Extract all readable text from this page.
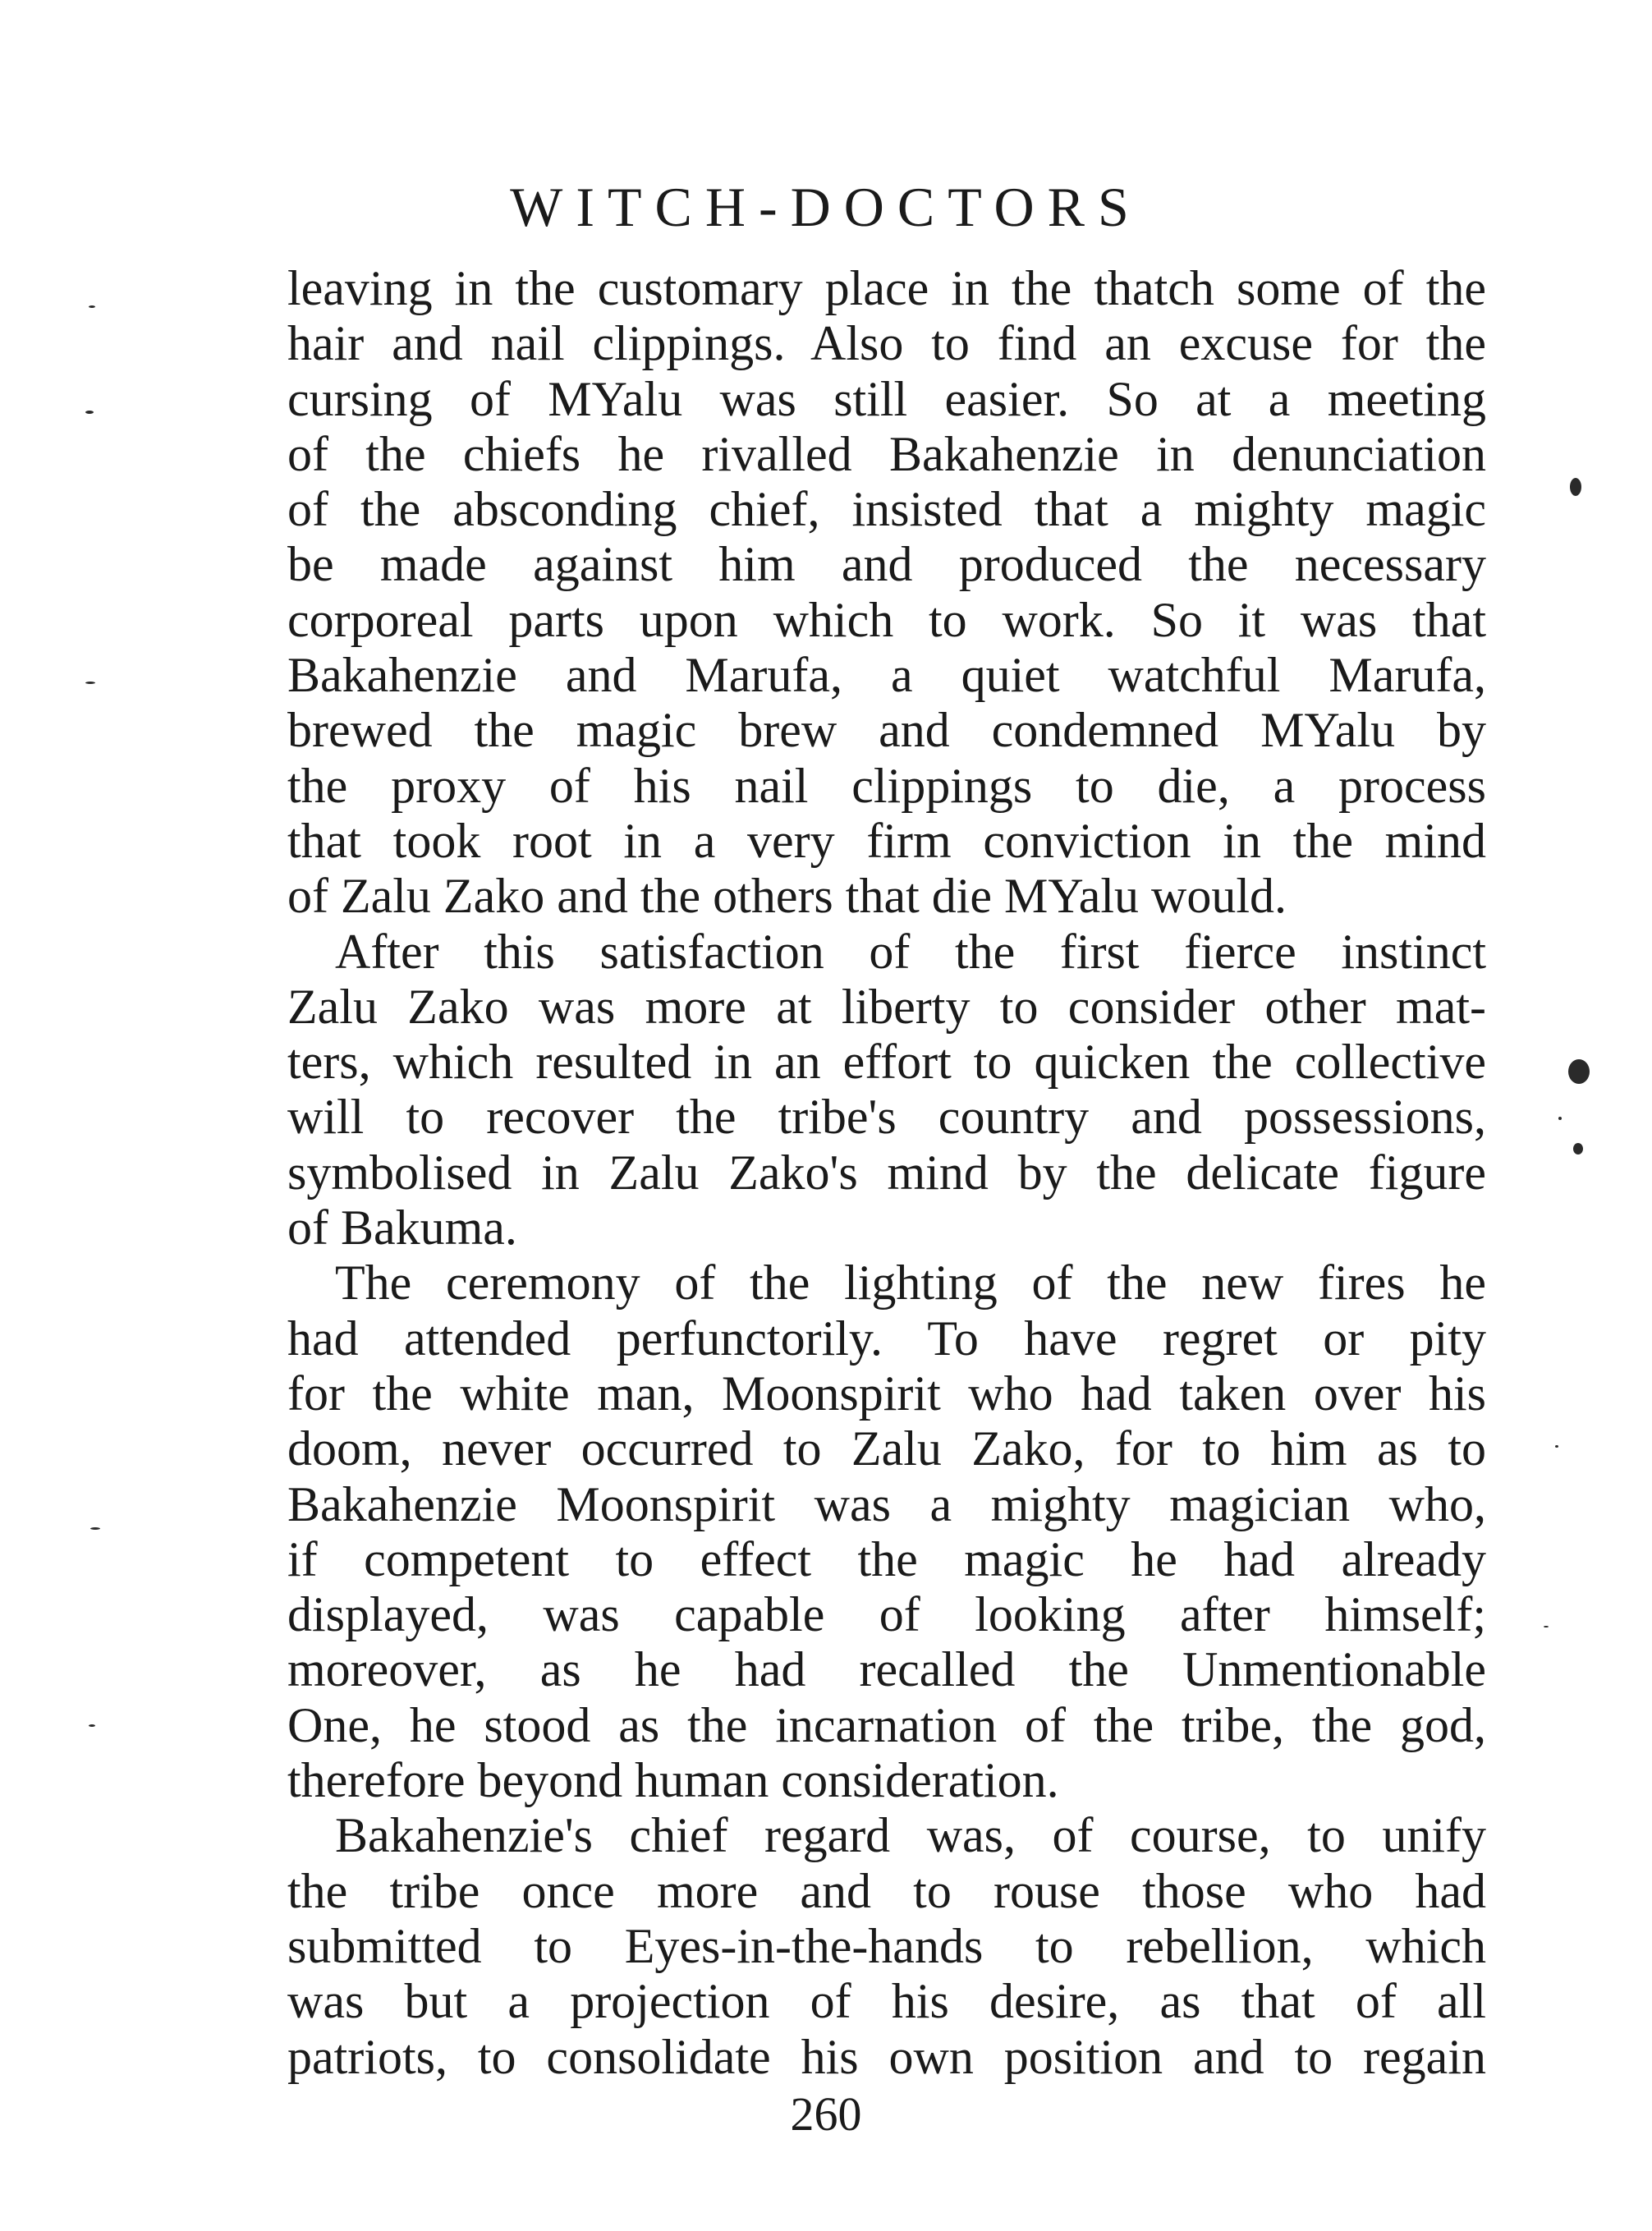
WITCH-DOCTORS
leaving in the customary place in the thatch some of the
hair and nail clippings. Also to find an excuse for the
cursing of MYalu was still easier. So at a meeting
of the chiefs he rivalled Bakahenzie in denunciation
of the absconding chief, insisted that a mighty magic
be made against him and produced the necessary
corporeal parts upon which to work. So it was that
Bakahenzie and Marufa, a quiet watchful Marufa,
brewed the magic brew and condemned MYalu by
the proxy of his nail clippings to die, a process
that took root in a very firm conviction in the mind
of Zalu Zako and the others that die MYalu would.
After this satisfaction of the first fierce instinct
Zalu Zako was more at liberty to consider other mat-
ters, which resulted in an effort to quicken the collective
will to recover the tribe's country and possessions,
symbolised in Zalu Zako's mind by the delicate figure
of Bakuma.
The ceremony of the lighting of the new fires he
had attended perfunctorily. To have regret or pity
for the white man, Moonspirit who had taken over his
doom, never occurred to Zalu Zako, for to him as to
Bakahenzie Moonspirit was a mighty magician who,
if competent to effect the magic he had already
displayed, was capable of looking after himself;
moreover, as he had recalled the Unmentionable
One, he stood as the incarnation of the tribe, the god,
therefore beyond human consideration.
Bakahenzie's chief regard was, of course, to unify
the tribe once more and to rouse those who had
submitted to Eyes-in-the-hands to rebellion, which
was but a projection of his desire, as that of all
patriots, to consolidate his own position and to regain
260
